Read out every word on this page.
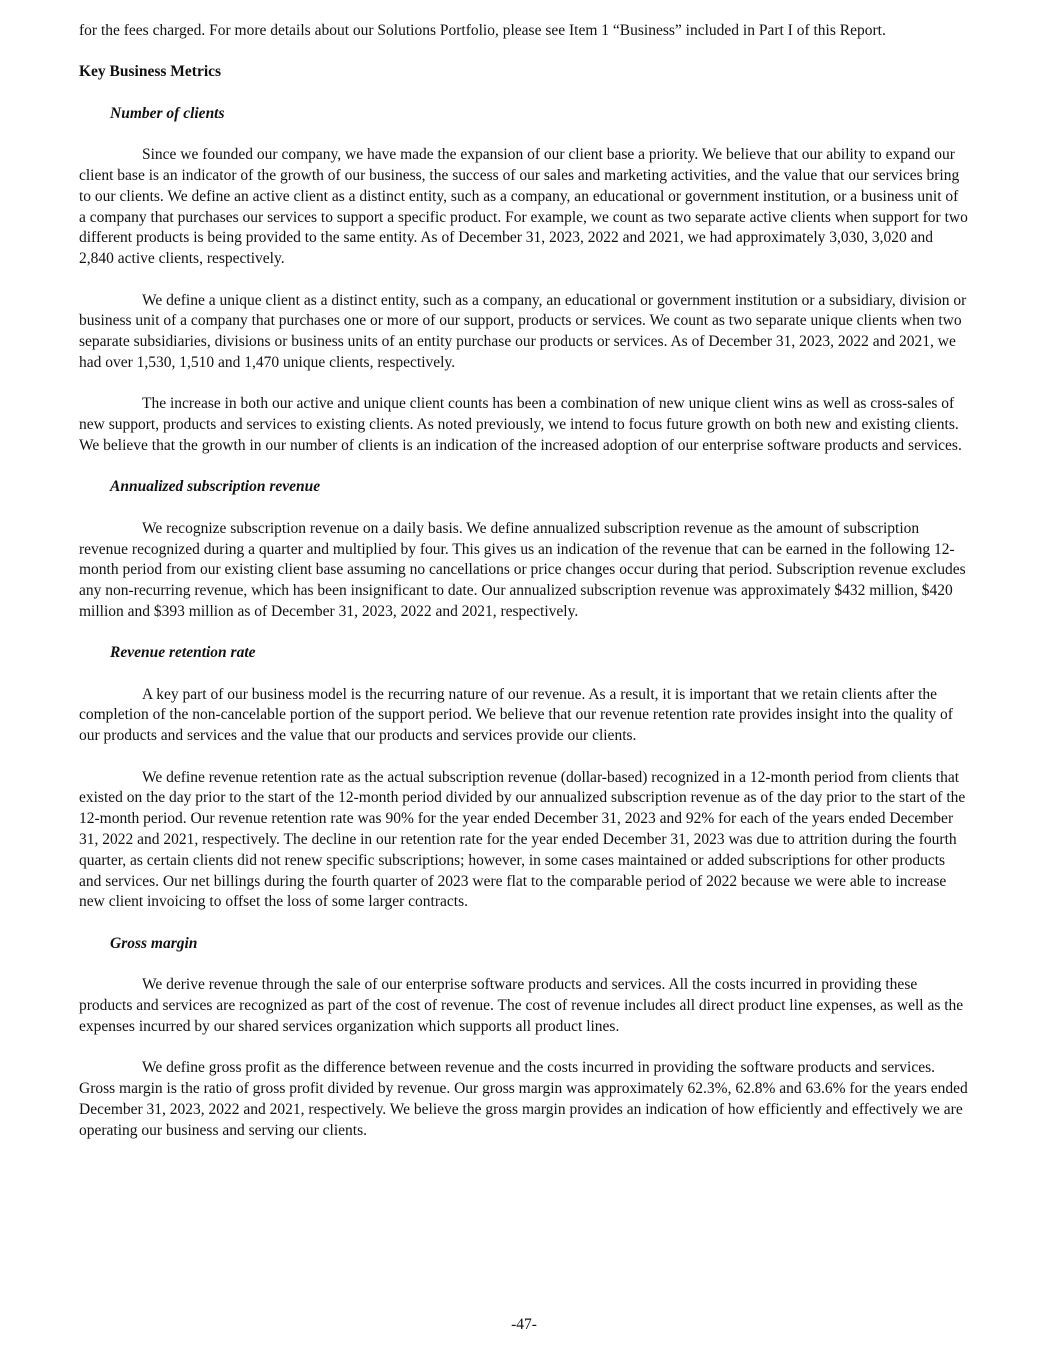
for the fees charged. For more details about our Solutions Portfolio, please see Item 1 “Business” included in Part I of this Report.

Key Business Metrics
Number of clients

Since we founded our company, we have made the expansion of our client base a priority. We believe that our ability to expand our client base is an indicator of the growth of our business, the success of our sales and marketing activities, and the value that our services bring to our clients. We define an active client as a distinct entity, such as a company, an educational or government institution, or a business unit of a company that purchases our services to support a specific product. For example, we count as two separate active clients when support for two different products is being provided to the same entity. As of December 31, 2023, 2022 and 2021, we had approximately 3,030, 3,020 and 2,840 active clients, respectively.

We define a unique client as a distinct entity, such as a company, an educational or government institution or a subsidiary, division or business unit of a company that purchases one or more of our support, products or services. We count as two separate unique clients when two separate subsidiaries, divisions or business units of an entity purchase our products or services. As of December 31, 2023, 2022 and 2021, we had over 1,530, 1,510 and 1,470 unique clients, respectively.

The increase in both our active and unique client counts has been a combination of new unique client wins as well as cross-sales of new support, products and services to existing clients. As noted previously, we intend to focus future growth on both new and existing clients. We believe that the growth in our number of clients is an indication of the increased adoption of our enterprise software products and services.

Annualized subscription revenue

We recognize subscription revenue on a daily basis. We define annualized subscription revenue as the amount of subscription revenue recognized during a quarter and multiplied by four. This gives us an indication of the revenue that can be earned in the following 12-month period from our existing client base assuming no cancellations or price changes occur during that period. Subscription revenue excludes any non-recurring revenue, which has been insignificant to date. Our annualized subscription revenue was approximately $432 million, $420 million and $393 million as of December 31, 2023, 2022 and 2021, respectively.

Revenue retention rate

A key part of our business model is the recurring nature of our revenue. As a result, it is important that we retain clients after the completion of the non-cancelable portion of the support period. We believe that our revenue retention rate provides insight into the quality of our products and services and the value that our products and services provide our clients.

We define revenue retention rate as the actual subscription revenue (dollar-based) recognized in a 12-month period from clients that existed on the day prior to the start of the 12-month period divided by our annualized subscription revenue as of the day prior to the start of the 12-month period. Our revenue retention rate was 90% for the year ended December 31, 2023 and 92% for each of the years ended December 31, 2022 and 2021, respectively. The decline in our retention rate for the year ended December 31, 2023 was due to attrition during the fourth quarter, as certain clients did not renew specific subscriptions; however, in some cases maintained or added subscriptions for other products and services. Our net billings during the fourth quarter of 2023 were flat to the comparable period of 2022 because we were able to increase new client invoicing to offset the loss of some larger contracts.

Gross margin

We derive revenue through the sale of our enterprise software products and services. All the costs incurred in providing these products and services are recognized as part of the cost of revenue. The cost of revenue includes all direct product line expenses, as well as the expenses incurred by our shared services organization which supports all product lines.

We define gross profit as the difference between revenue and the costs incurred in providing the software products and services. Gross margin is the ratio of gross profit divided by revenue. Our gross margin was approximately 62.3%, 62.8% and 63.6% for the years ended December 31, 2023, 2022 and 2021, respectively. We believe the gross margin provides an indication of how efficiently and effectively we are operating our business and serving our clients.

-47-
